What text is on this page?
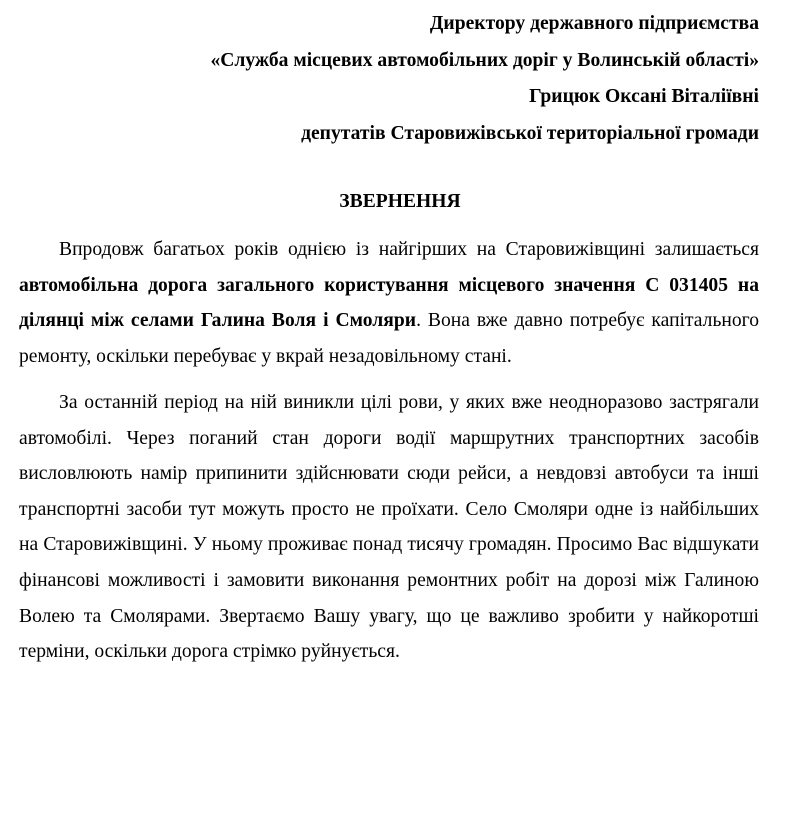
Директору державного підприємства
«Служба місцевих автомобільних доріг у Волинській області»
Грицюк Оксані Віталіївні
депутатів Старовижівської територіальної громади
ЗВЕРНЕННЯ

Впродовж багатьох років однією із найгірших на Старовижівщині залишається автомобільна дорога загального користування місцевого значення С 031405 на ділянці між селами Галина Воля і Смоляри. Вона вже давно потребує капітального ремонту, оскільки перебуває у вкрай незадовільному стані.

За останній період на ній виникли цілі рови, у яких вже неодноразово застрягали автомобілі. Через поганий стан дороги водії маршрутних транспортних засобів висловлюють намір припинити здійснювати сюди рейси, а невдовзі автобуси та інші транспортні засоби тут можуть просто не проїхати. Село Смоляри одне із найбільших на Старовижівщині. У ньому проживає понад тисячу громадян. Просимо Вас відшукати фінансові можливості і замовити виконання ремонтних робіт на дорозі між Галиною Волею та Смолярами. Звертаємо Вашу увагу, що це важливо зробити у найкоротші терміни, оскільки дорога стрімко руйнується.
